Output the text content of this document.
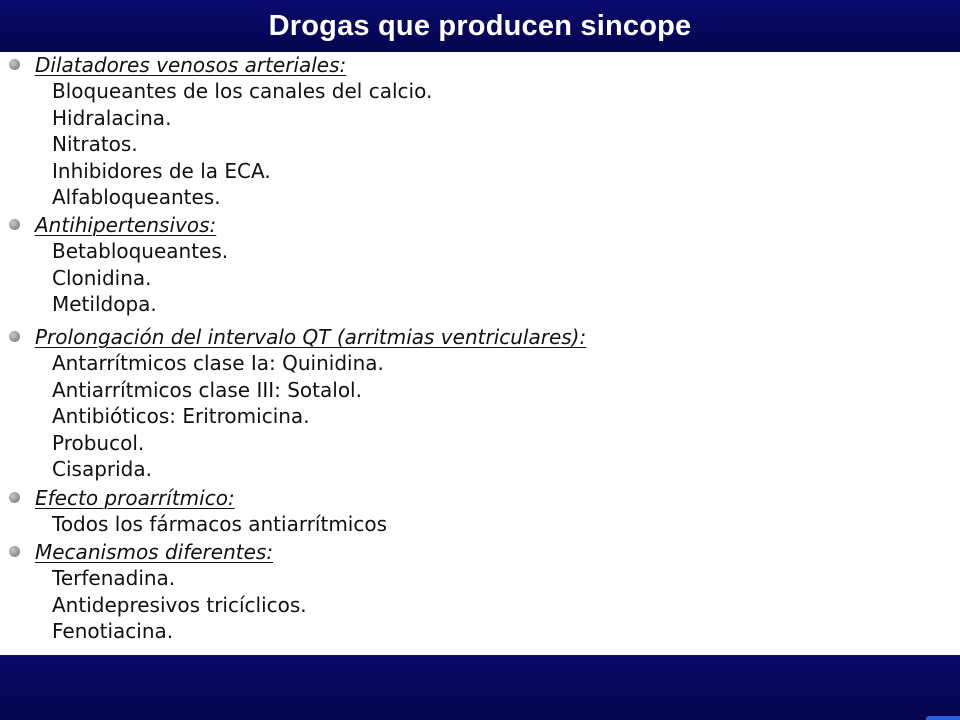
Drogas que producen sincope
Dilatadores venosos arteriales:
Bloqueantes de los canales del calcio.
Hidralacina.
Nitratos.
Inhibidores de la ECA.
Alfabloqueantes.
Antihipertensivos:
Betabloqueantes.
Clonidina.
Metildopa.
Prolongación del intervalo QT (arritmias ventriculares):
Antarrítmicos clase Ia: Quinidina.
Antiarrítmicos clase III: Sotalol.
Antibióticos: Eritromicina.
Probucol.
Cisaprida.
Efecto proarrítmico:
Todos los fármacos antiarrítmicos
Mecanismos diferentes:
Terfenadina.
Antidepresivos tricíclicos.
Fenotiacina.
